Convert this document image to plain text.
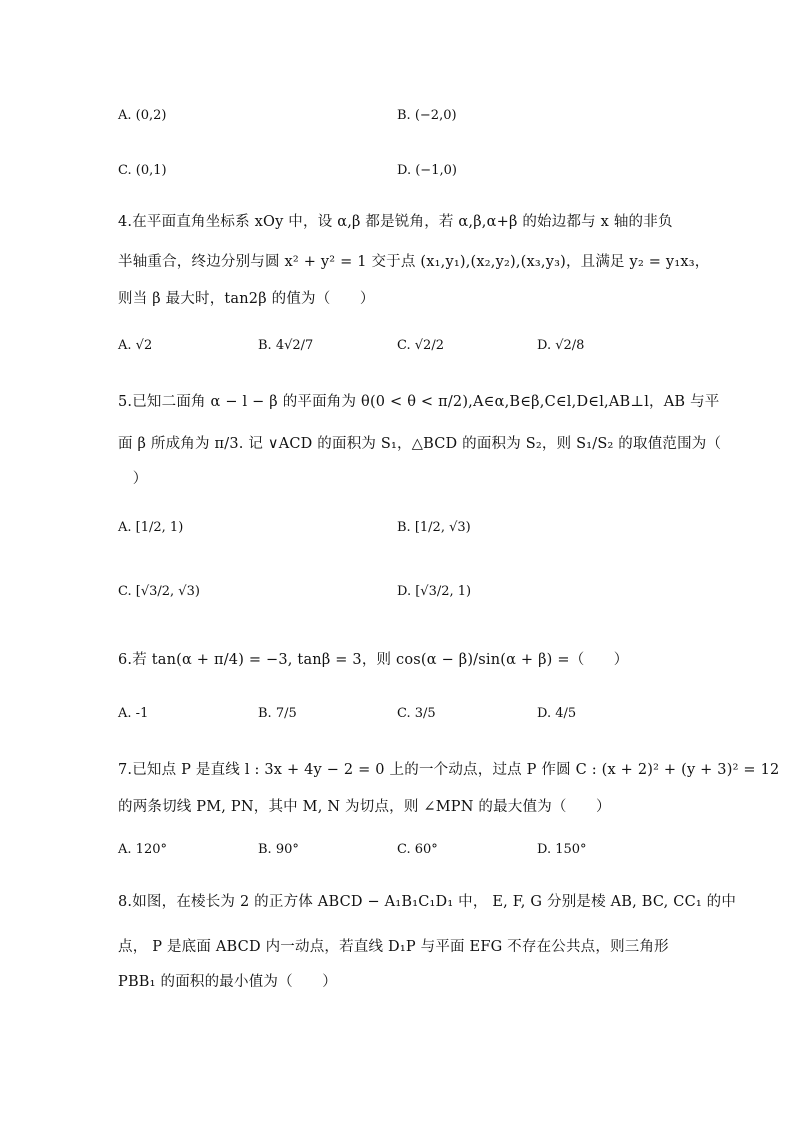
A. (0,2)	B. (−2,0)
C. (0,1)	D. (−1,0)
4.在平面直角坐标系 xOy 中，设 α,β 都是锐角，若 α,β,α+β 的始边都与 x 轴的非负
半轴重合，终边分别与圆 x² + y² = 1 交于点 (x₁,y₁),(x₂,y₂),(x₃,y₃)，且满足 y₂ = y₁x₃，
则当 β 最大时，tan2β 的值为（　　）
A. √2	B. 4√2/7	C. √2/2	D. √2/8
5.已知二面角 α − l − β 的平面角为 θ(0 < θ < π/2),A∈α,B∈β,C∈l,D∈l,AB⊥l，AB 与平
面 β 所成角为 π/3. 记 ∨ACD 的面积为 S₁，△BCD 的面积为 S₂，则 S₁/S₂ 的取值范围为（
　）
A. [1/2, 1)	B. [1/2, √3)
C. [√3/2, √3)	D. [√3/2, 1)
6.若 tan(α + π/4) = −3, tanβ = 3，则 cos(α − β)/sin(α + β) =（　　）
A. -1	B. 7/5	C. 3/5	D. 4/5
7.已知点 P 是直线 l : 3x + 4y − 2 = 0 上的一个动点，过点 P 作圆 C : (x + 2)² + (y + 3)² = 12
的两条切线 PM, PN，其中 M, N 为切点，则 ∠MPN 的最大值为（　　）
A. 120°	B. 90°	C. 60°	D. 150°
8.如图，在棱长为 2 的正方体 ABCD − A₁B₁C₁D₁ 中， E, F, G 分别是棱 AB, BC, CC₁ 的中
点， P 是底面 ABCD 内一动点，若直线 D₁P 与平面 EFG 不存在公共点，则三角形
PBB₁ 的面积的最小值为（　　）
